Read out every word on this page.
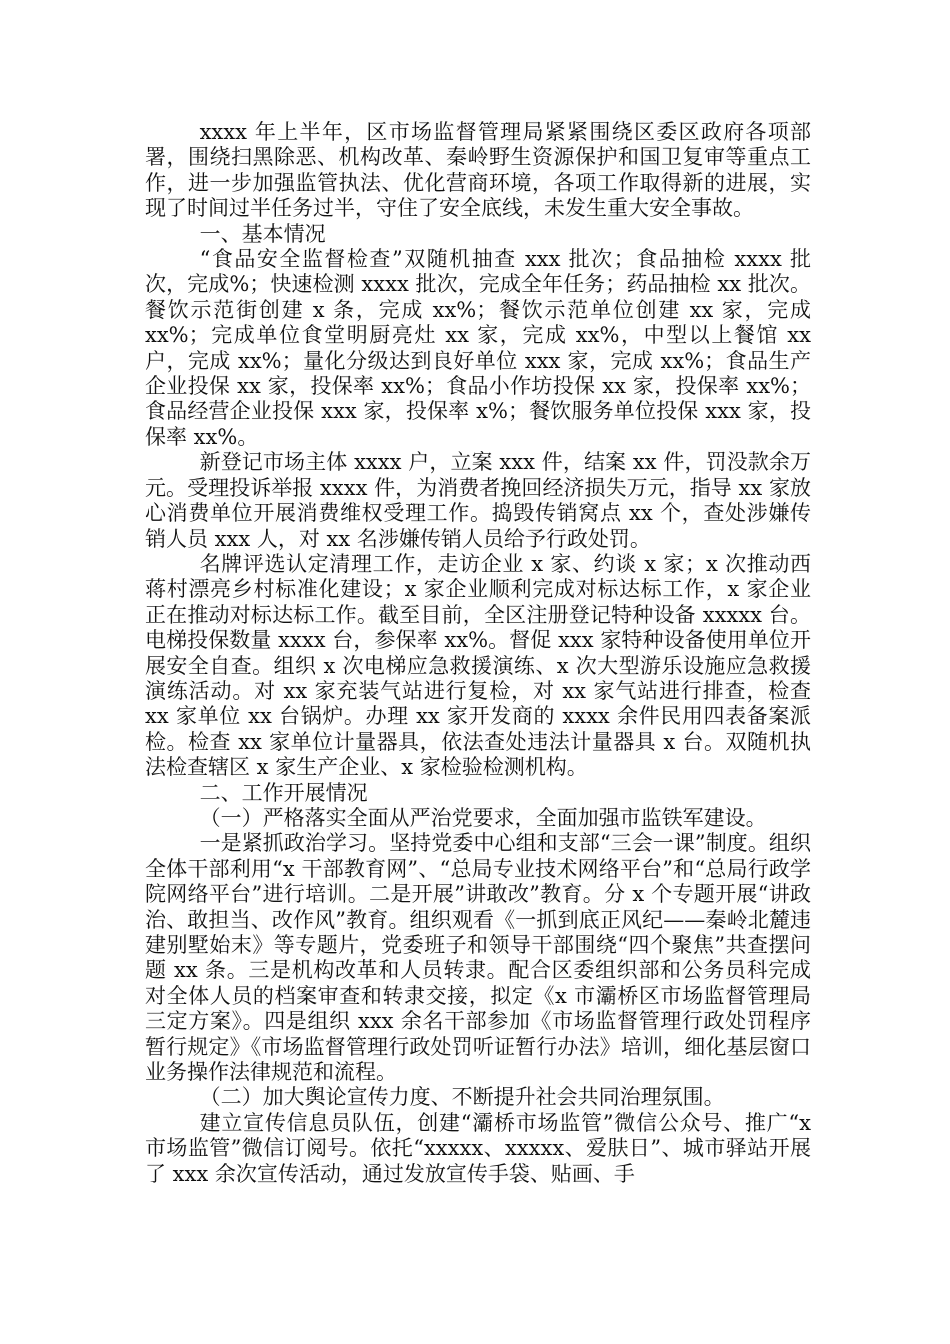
xxxx 年上半年，区市场监督管理局紧紧围绕区委区政府各项部署，围绕扫黑除恶、机构改革、秦岭野生资源保护和国卫复审等重点工作，进一步加强监管执法、优化营商环境，各项工作取得新的进展，实现了时间过半任务过半，守住了安全底线，未发生重大安全事故。

一、基本情况

“食品安全监督检查”双随机抽查 xxx 批次；食品抽检 xxxx 批次，完成%；快速检测 xxxx 批次，完成全年任务；药品抽检 xx 批次。餐饮示范街创建 x 条，完成 xx%；餐饮示范单位创建 xx 家，完成 xx%；完成单位食堂明厨亮灶 xx 家，完成 xx%，中型以上餐馆 xx 户，完成 xx%；量化分级达到良好单位 xxx 家，完成 xx%；食品生产企业投保 xx 家，投保率 xx%；食品小作坊投保 xx 家，投保率 xx%；食品经营企业投保 xxx 家，投保率 x%；餐饮服务单位投保 xxx 家，投保率 xx%。

新登记市场主体 xxxx 户，立案 xxx 件，结案 xx 件，罚没款余万元。受理投诉举报 xxxx 件，为消费者挽回经济损失万元，指导 xx 家放心消费单位开展消费维权受理工作。捣毁传销窝点 xx 个，查处涉嫌传销人员 xxx 人，对 xx 名涉嫌传销人员给予行政处罚。

名牌评选认定清理工作，走访企业 x 家、约谈 x 家；x 次推动西蒋村漂亮乡村标准化建设；x 家企业顺利完成对标达标工作，x 家企业正在推动对标达标工作。截至目前，全区注册登记特种设备 xxxxx 台。电梯投保数量 xxxx 台，参保率 xx%。督促 xxx 家特种设备使用单位开展安全自查。组织 x 次电梯应急救援演练、x 次大型游乐设施应急救援演练活动。对 xx 家充装气站进行复检，对 xx 家气站进行排查，检查 xx 家单位 xx 台锅炉。办理 xx 家开发商的 xxxx 余件民用四表备案派检。检查 xx 家单位计量器具，依法查处违法计量器具 x 台。双随机执法检查辖区 x 家生产企业、x 家检验检测机构。

二、工作开展情况

（一）严格落实全面从严治党要求，全面加强市监铁军建设。

一是紧抓政治学习。坚持党委中心组和支部“三会一课”制度。组织全体干部利用“x 干部教育网”、“总局专业技术网络平台”和“总局行政学院网络平台”进行培训。二是开展”讲敢改”教育。分 x 个专题开展“讲政治、敢担当、改作风”教育。组织观看《一抓到底正风纪——秦岭北麓违建别墅始末》等专题片，党委班子和领导干部围绕“四个聚焦”共查摆问题 xx 条。三是机构改革和人员转隶。配合区委组织部和公务员科完成对全体人员的档案审查和转隶交接，拟定《x 市灞桥区市场监督管理局三定方案》。四是组织 xxx 余名干部参加《市场监督管理行政处罚程序暂行规定》《市场监督管理行政处罚听证暂行办法》培训，细化基层窗口业务操作法律规范和流程。

（二）加大舆论宣传力度、不断提升社会共同治理氛围。

建立宣传信息员队伍，创建“灞桥市场监管”微信公众号、推广“x 市场监管”微信订阅号。依托“xxxxx、xxxxx、爱肤日”、城市驿站开展了 xxx 余次宣传活动，通过发放宣传手袋、贴画、手
